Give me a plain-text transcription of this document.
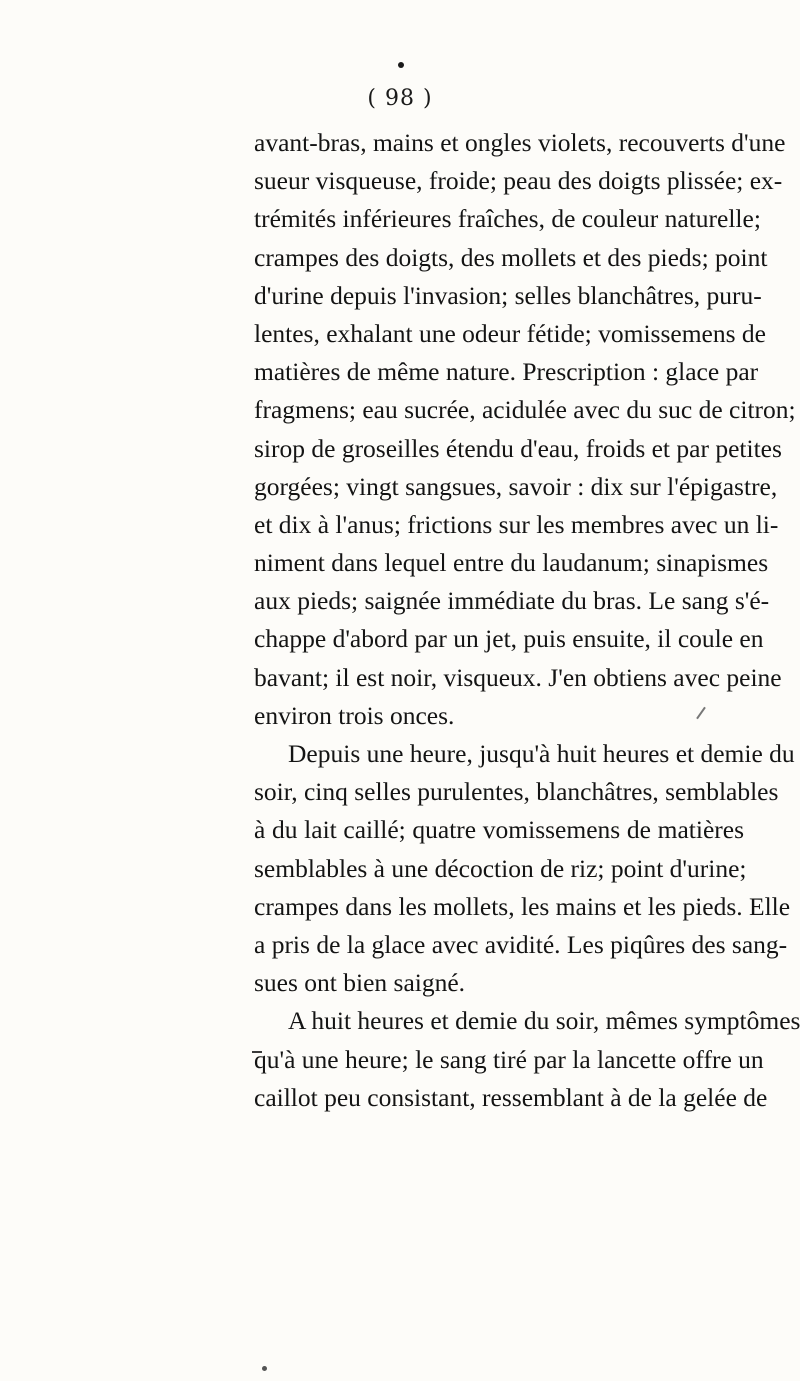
( 98 )
avant-bras, mains et ongles violets, recouverts d'une
sueur visqueuse, froide; peau des doigts plissée; ex-
trémités inférieures fraîches, de couleur naturelle;
crampes des doigts, des mollets et des pieds; point
d'urine depuis l'invasion; selles blanchâtres, puru-
lentes, exhalant une odeur fétide; vomissemens de
matières de même nature. Prescription : glace par
fragmens; eau sucrée, acidulée avec du suc de citron;
sirop de groseilles étendu d'eau, froids et par petites
gorgées; vingt sangsues, savoir : dix sur l'épigastre,
et dix à l'anus; frictions sur les membres avec un li-
niment dans lequel entre du laudanum; sinapismes
aux pieds; saignée immédiate du bras. Le sang s'é-
chappe d'abord par un jet, puis ensuite, il coule en
bavant; il est noir, visqueux. J'en obtiens avec peine
environ trois onces.
Depuis une heure, jusqu'à huit heures et demie du
soir, cinq selles purulentes, blanchâtres, semblables
à du lait caillé; quatre vomissemens de matières
semblables à une décoction de riz; point d'urine;
crampes dans les mollets, les mains et les pieds. Elle
a pris de la glace avec avidité. Les piqûres des sang-
sues ont bien saigné.
A huit heures et demie du soir, mêmes symptômes
qu'à une heure; le sang tiré par la lancette offre un
caillot peu consistant, ressemblant à de la gelée de
